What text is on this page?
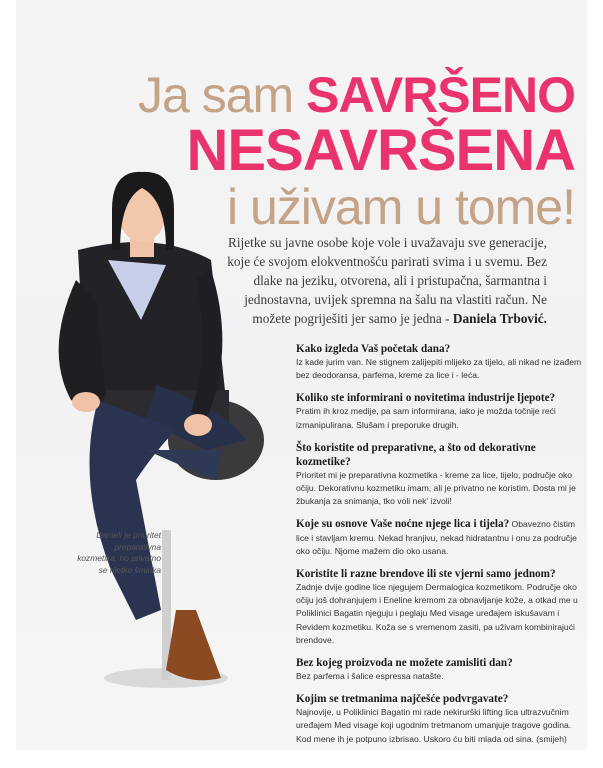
Ja sam SAVRŠENO
NESAVRŠENA
i uživam u tome!
Rijetke su javne osobe koje vole i uvažavaju sve generacije, koje će svojom elokventnošću parirati svima i u svemu. Bez dlake na jeziku, otvorena, ali i pristupačna, šarmantna i jednostavna, uvijek spremna na šalu na vlastiti račun. Ne možete pogriješiti jer samo je jedna - Daniela Trbović.
Danieli je prioritet preparativna kozmetika, no privatno se rijetko šminka
Kako izgleda Vaš početak dana?
Iz kade jurim van. Ne stignem zalijepiti mlijeko za tijelo, ali nikad ne izađem bez deodoransa, parfema, kreme za lice i - leća.
Koliko ste informirani o novitetima industrije ljepote?
Pratim ih kroz medije, pa sam informirana, iako je možda točnije reći izmanipulirana. Slušam i preporuke drugih.
Što koristite od preparativne, a što od dekorativne kozmetike?
Prioritet mi je preparativna kozmetika - kreme za lice, tijelo, područje oko očiju. Dekorativnu kozmetiku imam, ali je privatno ne koristim. Dosta mi je žbukanja za snimanja, tko voli nek' izvoli!
Koje su osnove Vaše noćne njege lica i tijela? Obavezno čistim lice i stavljam kremu. Nekad hranjivu, nekad hidratantnu i onu za područje oko očiju. Njome mažem dio oko usana.
Koristite li razne brendove ili ste vjerni samo jednom?
Zadnje dvije godine lice njegujem Dermalogica kozmetikom. Područje oko očiju još dohranjujem i Eneline kremom za obnavljanje kože, a otkad me u Poliklinici Bagatin njeguju i peglaju Med visage uređajem iskušavam i Revidem kozmetiku. Koža se s vremenom zasiti, pa uživam kombinirajući brendove.
Bez kojeg proizvoda ne možete zamisliti dan?
Bez parfema i šalice espressa natašte.
Kojim se tretmanima najčešće podvrgavate?
Najnovije, u Poliklinici Bagatin mi rade nekirurški lifting lica ultrazvučnim uređajem Med visage koji ugodnim tretmanom umanjuje tragove godina. Kod mene ih je potpuno izbrisao. Uskoro ću biti mlada od sina. (smijeh)
